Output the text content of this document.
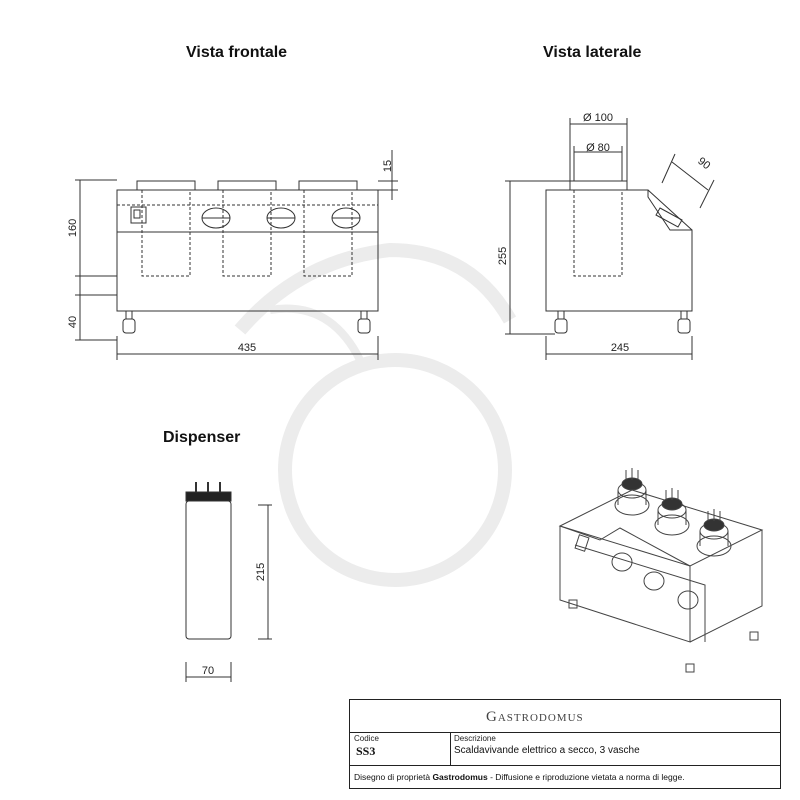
15
160
40
435
Ø 100
Ø 80
90
255
245
215
70
Vista frontale	Vista laterale
Dispenser
Gastrodomus
Codice	Descrizione
SS3	Scaldavivande elettrico a secco, 3 vasche
Disegno di proprietà Gastrodomus - Diffusione e riproduzione vietata a norma di legge.
